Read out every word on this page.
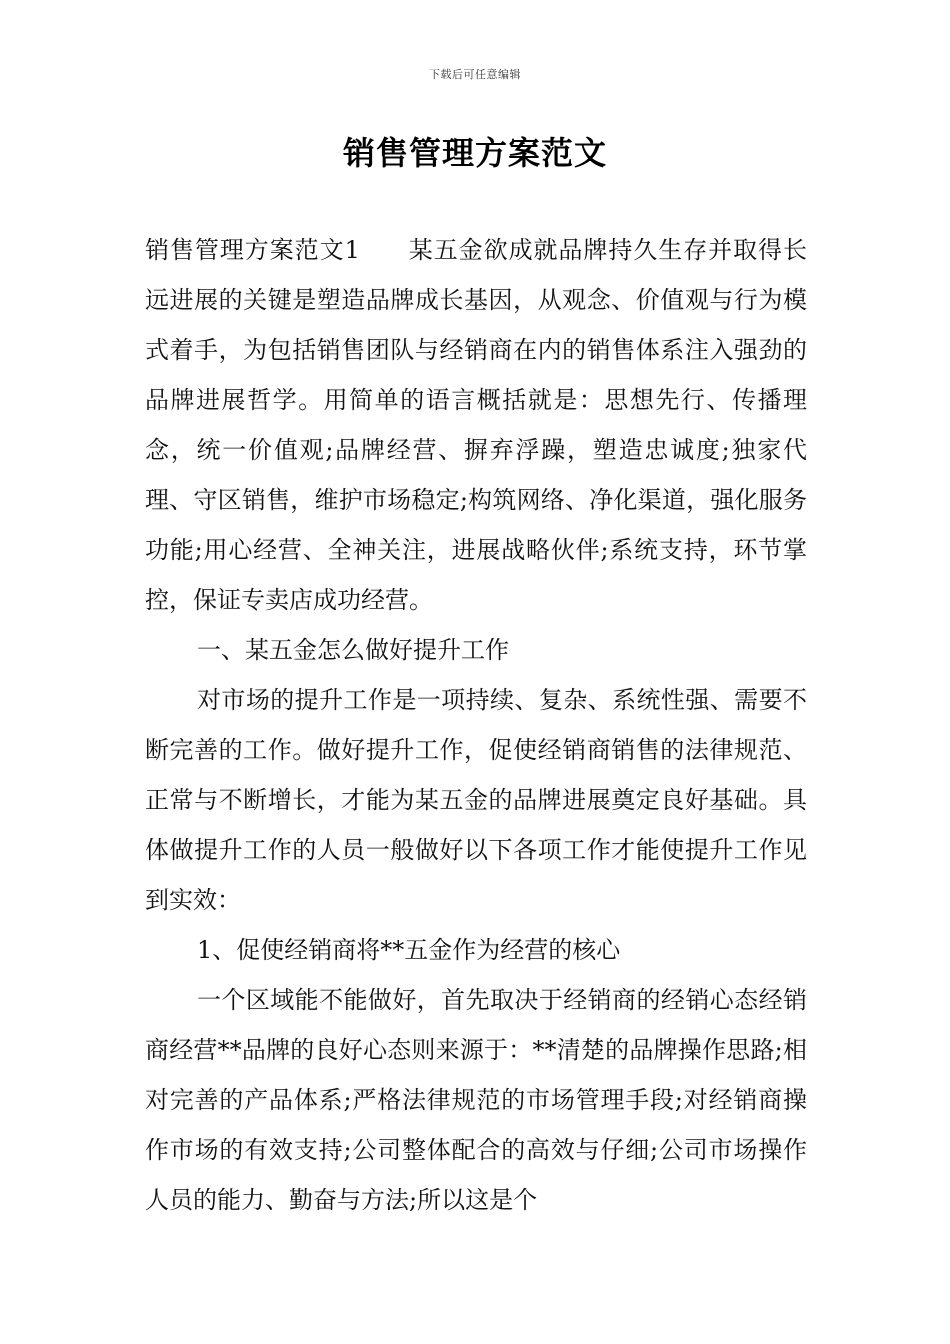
下载后可任意编辑
销售管理方案范文

销售管理方案范文1 某五金欲成就品牌持久生存并取得长远进展的关键是塑造品牌成长基因，从观念、价值观与行为模式着手，为包括销售团队与经销商在内的销售体系注入强劲的品牌进展哲学。用简单的语言概括就是：思想先行、传播理念，统一价值观;品牌经营、摒弃浮躁，塑造忠诚度;独家代理、守区销售，维护市场稳定;构筑网络、净化渠道，强化服务功能;用心经营、全神关注，进展战略伙伴;系统支持，环节掌控，保证专卖店成功经营。

一、某五金怎么做好提升工作

对市场的提升工作是一项持续、复杂、系统性强、需要不断完善的工作。做好提升工作，促使经销商销售的法律规范、正常与不断增长，才能为某五金的品牌进展奠定良好基础。具体做提升工作的人员一般做好以下各项工作才能使提升工作见到实效：

1、促使经销商将**五金作为经营的核心

一个区域能不能做好，首先取决于经销商的经销心态经销商经营**品牌的良好心态则来源于：**清楚的品牌操作思路;相对完善的产品体系;严格法律规范的市场管理手段;对经销商操作市场的有效支持;公司整体配合的高效与仔细;公司市场操作人员的能力、勤奋与方法;所以这是个
